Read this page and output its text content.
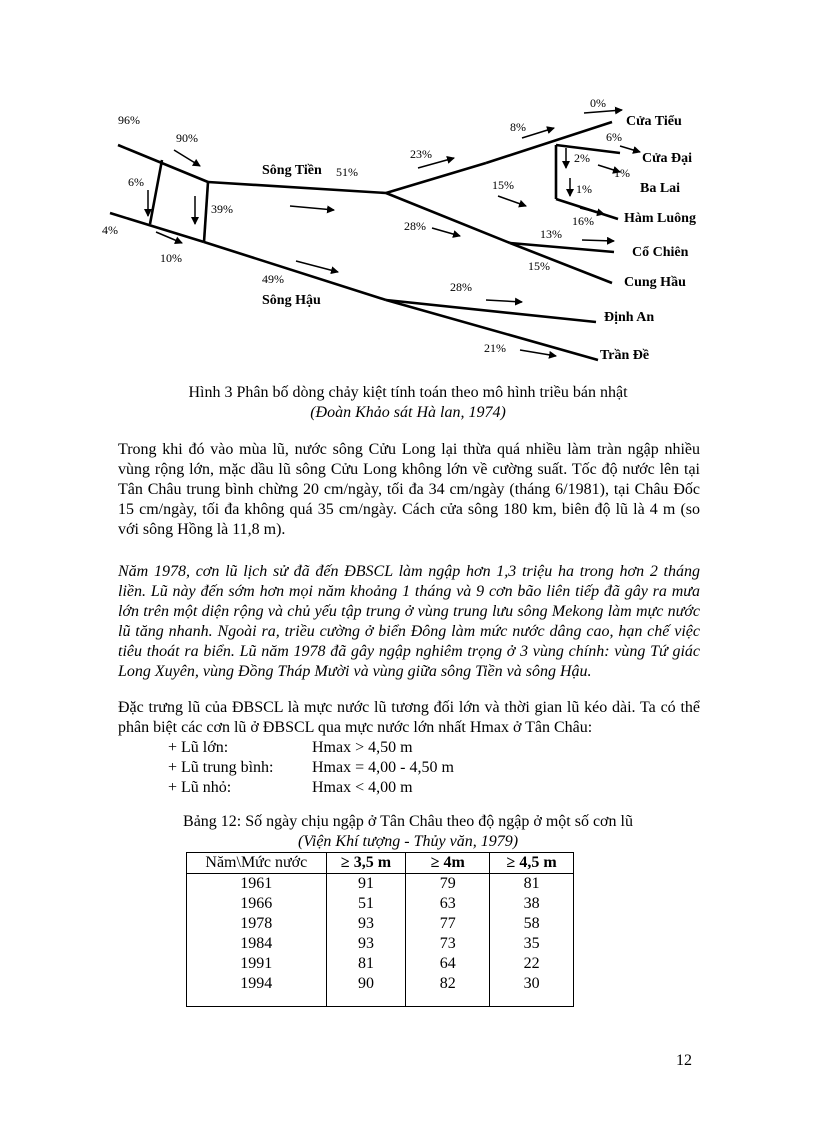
96%
90%
6%
4%
39%
10%
51%
49%
23%
28%
28%
21%
8%
0%
6%
2%
1%
1%
15%
16%
13%
15%
Sông Tiền
Sông Hậu
Cửa Tiểu
Cửa Đại
Ba Lai
Hàm Luông
Cổ Chiên
Cung Hầu
Định An
Trần Đề
Hình 3 Phân bố dòng chảy kiệt tính toán theo mô hình triều bán nhật
(Đoàn Khảo sát Hà lan, 1974)

Trong khi đó vào mùa lũ, nước sông Cửu Long lại thừa quá nhiều làm tràn ngập nhiều vùng rộng lớn, mặc dầu lũ sông Cửu Long không lớn về cường suất. Tốc độ nước lên tại Tân Châu trung bình chừng 20 cm/ngày, tối đa 34 cm/ngày (tháng 6/1981), tại Châu Đốc 15 cm/ngày, tối đa không quá 35 cm/ngày. Cách cửa sông 180 km, biên độ lũ là 4 m (so với sông Hồng là 11,8 m).

Năm 1978, cơn lũ lịch sử đã đến ĐBSCL làm ngập hơn 1,3 triệu ha trong hơn 2 tháng liền. Lũ này đến sớm hơn mọi năm khoảng 1 tháng và 9 cơn bão liên tiếp đã gây ra mưa lớn trên một diện rộng và chủ yếu tập trung ở vùng trung lưu sông Mekong làm mực nước lũ tăng nhanh. Ngoài ra, triều cường ở biển Đông làm mức nước dâng cao, hạn chế việc tiêu thoát ra biển. Lũ năm 1978 đã gây ngập nghiêm trọng ở 3 vùng chính: vùng Tứ giác Long Xuyên, vùng Đồng Tháp Mười và vùng giữa sông Tiền và sông Hậu.

Đặc trưng lũ của ĐBSCL là mực nước lũ tương đối lớn và thời gian lũ kéo dài. Ta có thể phân biệt các cơn lũ ở ĐBSCL qua mực nước lớn nhất Hmax ở Tân Châu:

+ Lũ lớn:	Hmax > 4,50 m
+ Lũ trung bình:	Hmax = 4,00 - 4,50 m
+ Lũ nhỏ:	Hmax < 4,00 m
Bảng 12: Số ngày chịu ngập ở Tân Châu theo độ ngập ở một số cơn lũ
(Viện Khí tượng - Thủy văn, 1979)
Năm\Mức nước	≥ 3,5 m	≥ 4m	≥ 4,5 m
1961	91	79	81
1966	51	63	38
1978	93	77	58
1984	93	73	35
1991	81	64	22
1994	90	82	30
12
